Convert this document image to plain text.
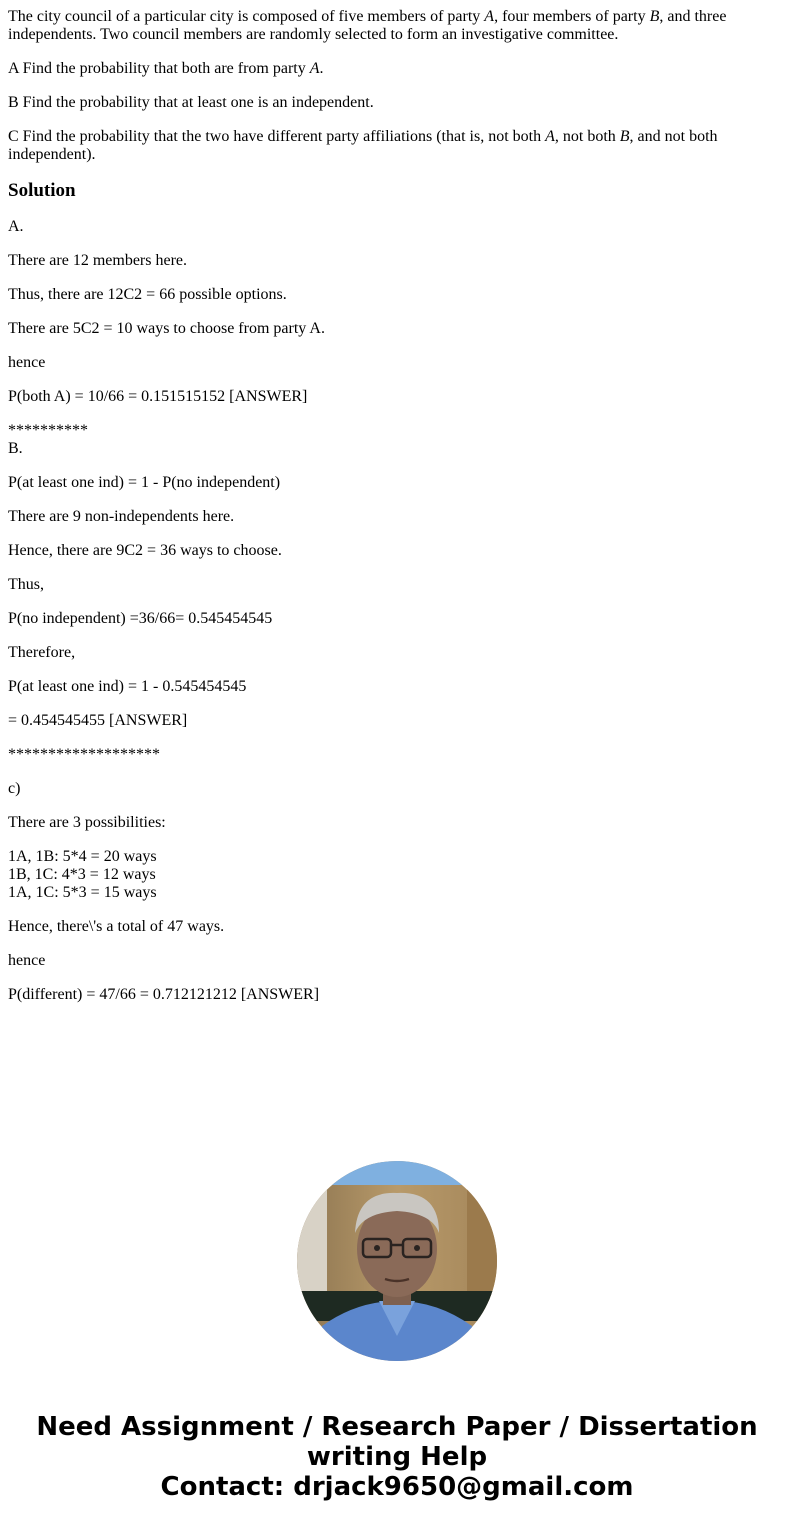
The city council of a particular city is composed of five members of party A, four members of party B, and three independents. Two council members are randomly selected to form an investigative committee.

A Find the probability that both are from party A.

B Find the probability that at least one is an independent.

C Find the probability that the two have different party affiliations (that is, not both A, not both B, and not both independent).

Solution

A.

There are 12 members here.

Thus, there are 12C2 = 66 possible options.

There are 5C2 = 10 ways to choose from party A.

hence

P(both A) = 10/66 = 0.151515152 [ANSWER]

**********
B.

P(at least one ind) = 1 - P(no independent)

There are 9 non-independents here.

Hence, there are 9C2 = 36 ways to choose.

Thus,

P(no independent) =36/66= 0.545454545

Therefore,

P(at least one ind) = 1 - 0.545454545

= 0.454545455 [ANSWER]

*******************

c)

There are 3 possibilities:

1A, 1B: 5*4 = 20 ways
1B, 1C: 4*3 = 12 ways
1A, 1C: 5*3 = 15 ways

Hence, there\'s a total of 47 ways.

hence

P(different) = 47/66 = 0.712121212 [ANSWER]

Need Assignment / Research Paper / Dissertation
writing Help
Contact: drjack9650@gmail.com
